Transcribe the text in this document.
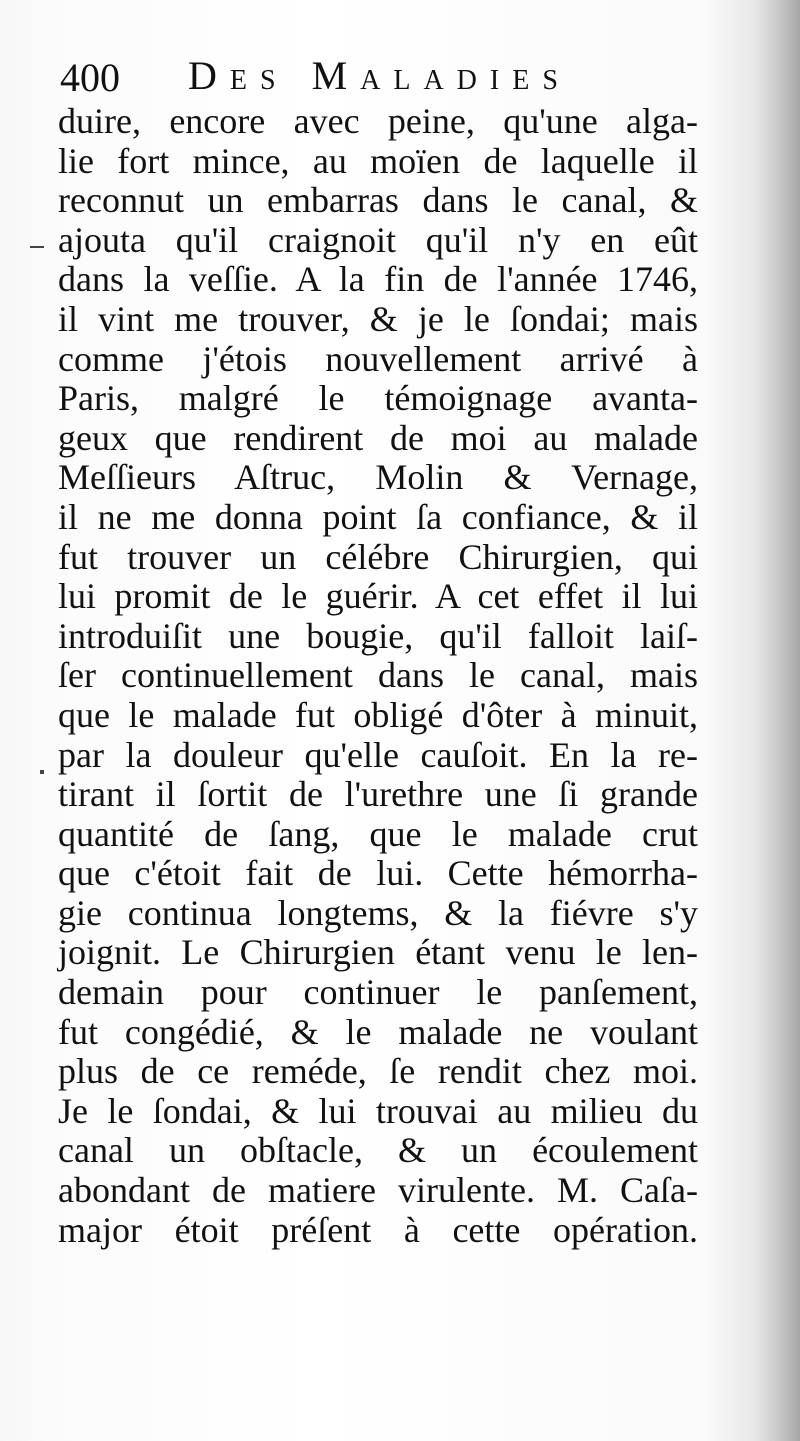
400 Des Maladies
duire, encore avec peine, qu'une alga-
lie fort mince, au moïen de laquelle il
reconnut un embarras dans le canal, &
ajouta qu'il craignoit qu'il n'y en eût
dans la veſſie. A la fin de l'année 1746,
il vint me trouver, & je le ſondai; mais
comme j'étois nouvellement arrivé à
Paris, malgré le témoignage avanta-
geux que rendirent de moi au malade
Meſſieurs Aſtruc, Molin & Vernage,
il ne me donna point ſa confiance, & il
fut trouver un célébre Chirurgien, qui
lui promit de le guérir. A cet effet il lui
introduiſit une bougie, qu'il falloit laiſ-
ſer continuellement dans le canal, mais
que le malade fut obligé d'ôter à minuit,
par la douleur qu'elle cauſoit. En la re-
tirant il ſortit de l'urethre une ſi grande
quantité de ſang, que le malade crut
que c'étoit fait de lui. Cette hémorrha-
gie continua longtems, & la fiévre s'y
joignit. Le Chirurgien étant venu le len-
demain pour continuer le panſement,
fut congédié, & le malade ne voulant
plus de ce reméde, ſe rendit chez moi.
Je le ſondai, & lui trouvai au milieu du
canal un obſtacle, & un écoulement
abondant de matiere virulente. M. Caſa-
major étoit préſent à cette opération.
